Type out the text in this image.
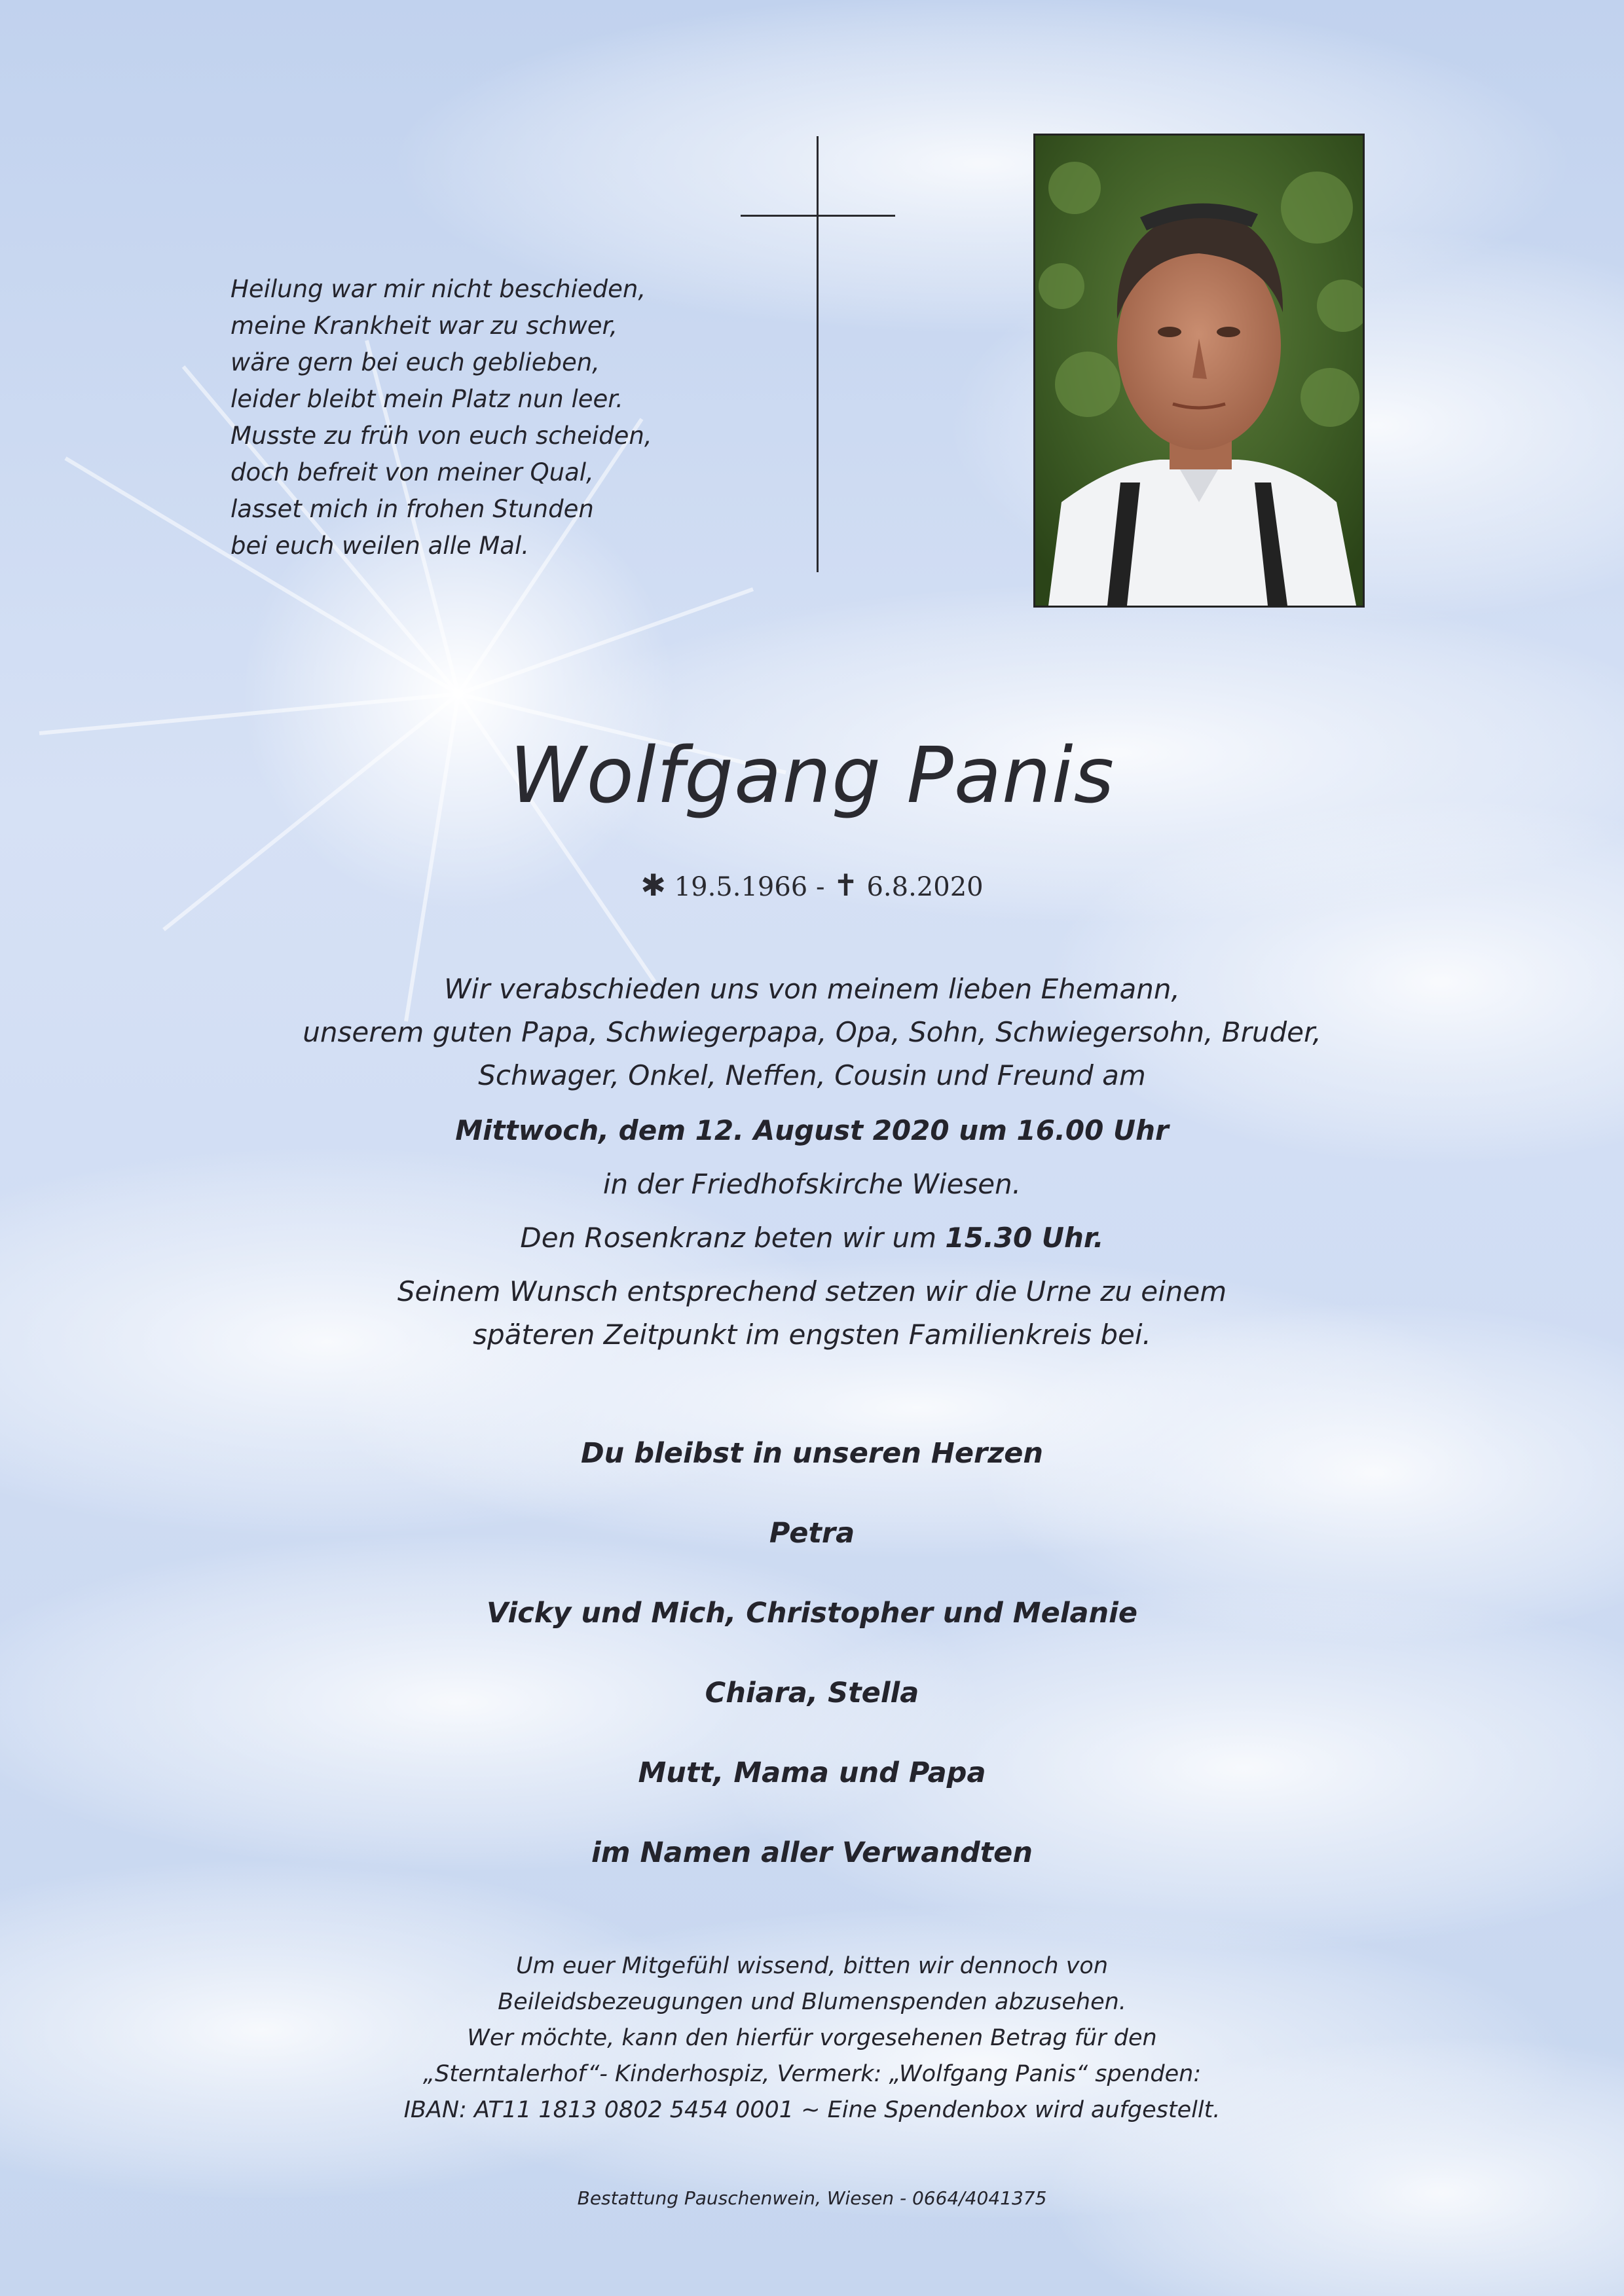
Heilung war mir nicht beschieden,
meine Krankheit war zu schwer,
wäre gern bei euch geblieben,
leider bleibt mein Platz nun leer.
Musste zu früh von euch scheiden,
doch befreit von meiner Qual,
lasset mich in frohen Stunden
bei euch weilen alle Mal.
Wolfgang Panis
✱ 19.5.1966 - ✝ 6.8.2020
Wir verabschieden uns von meinem lieben Ehemann,
unserem guten Papa, Schwiegerpapa, Opa, Sohn, Schwiegersohn, Bruder,
Schwager, Onkel, Neffen, Cousin und Freund am
Mittwoch, dem 12. August 2020 um 16.00 Uhr
in der Friedhofskirche Wiesen.
Den Rosenkranz beten wir um 15.30 Uhr.
Seinem Wunsch entsprechend setzen wir die Urne zu einem
späteren Zeitpunkt im engsten Familienkreis bei.
Du bleibst in unseren Herzen
Petra
Vicky und Mich, Christopher und Melanie
Chiara, Stella
Mutt, Mama und Papa
im Namen aller Verwandten
Um euer Mitgefühl wissend, bitten wir dennoch von
Beileidsbezeugungen und Blumenspenden abzusehen.
Wer möchte, kann den hierfür vorgesehenen Betrag für den
„Sterntalerhof“- Kinderhospiz, Vermerk: „Wolfgang Panis“ spenden:
IBAN: AT11 1813 0802 5454 0001 ~ Eine Spendenbox wird aufgestellt.
Bestattung Pauschenwein, Wiesen - 0664/4041375
